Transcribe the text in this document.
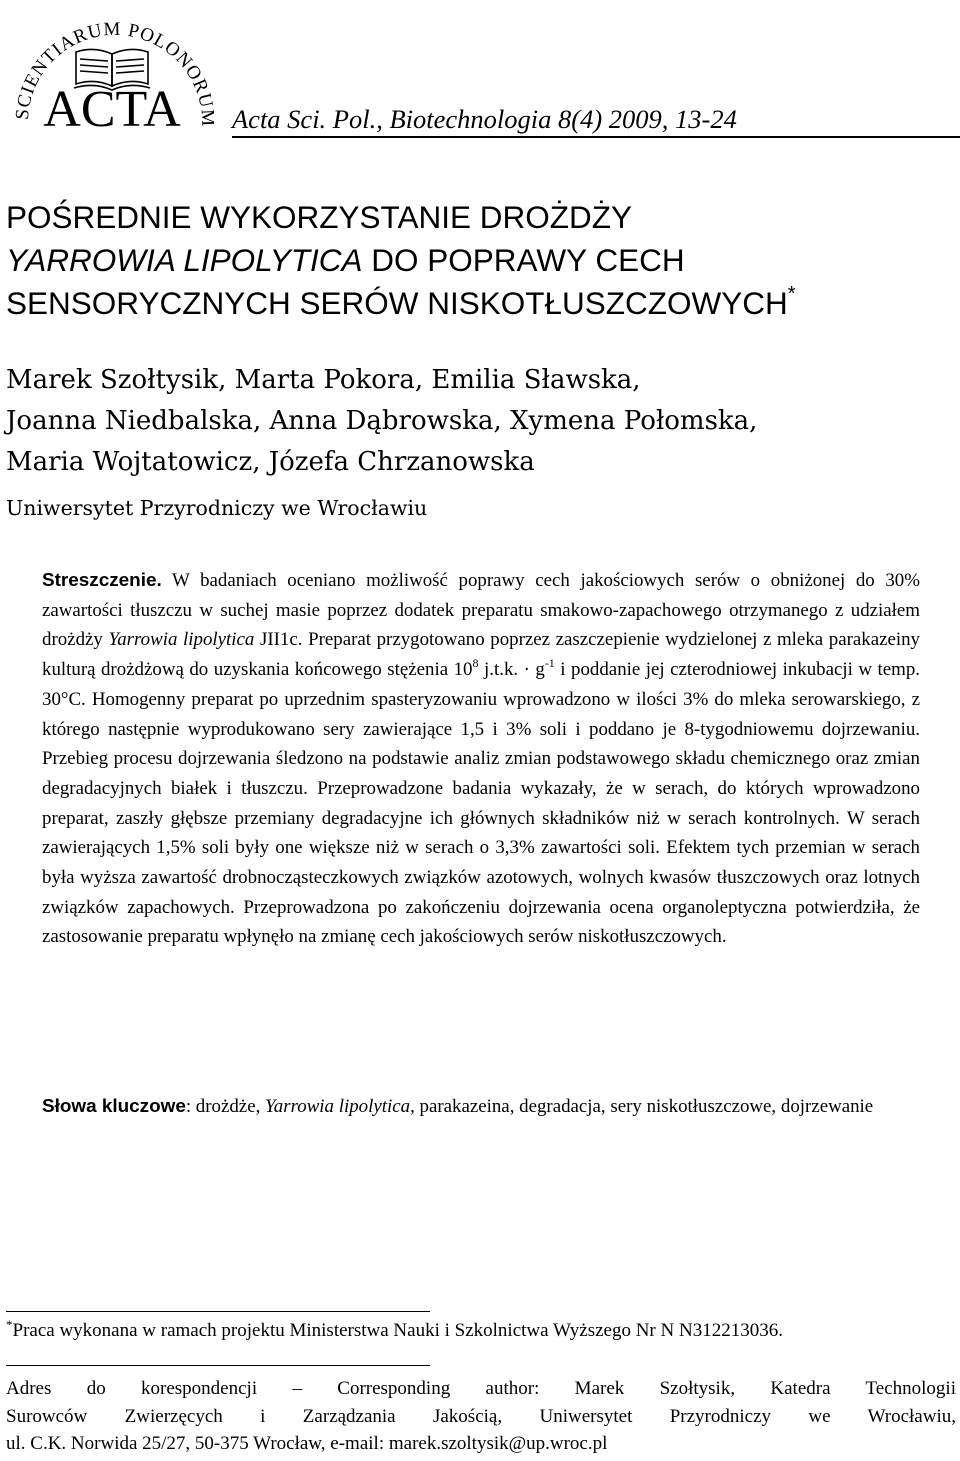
SCIENTIARUM POLONOR
ACTA Acta Sci. Pol., Biotechnologia 8(4) 2009, 13-24
POŚREDNIE WYKORZYSTANIE DROŻDŻY
YARROWIA LIPOLYTICA DO POPRAWY CECH
SENSORYCZNYCH SERÓW NISKOTŁUSZCZOWYCH*
Marek Szołtysik, Marta Pokora, Emilia Sławska,
Joanna Niedbalska, Anna Dąbrowska, Xymena Połomska,
Maria Wojtatowicz, Józefa Chrzanowska
Uniwersytet Przyrodniczy we Wrocławiu
Streszczenie. W badaniach oceniano możliwość poprawy cech jakościowych serów o obniżonej do 30% zawartości tłuszczu w suchej masie poprzez dodatek preparatu smakowo-zapachowego otrzymanego z udziałem drożdży Yarrowia lipolytica JII1c. Preparat przygotowano poprzez zaszczepienie wydzielonej z mleka parakazeiny kulturą drożdżową do uzyskania końcowego stężenia $10^8$ j.t.k. · $g^{-1}$ i poddanie jej czterodniowej inkubacji w temp. 30°C. Homogenny preparat po uprzednim spasteryzowaniu wprowadzono w ilości 3% do mleka serowarskiego, z którego następnie wyprodukowano sery zawierające 1,5 i 3% soli i poddano je 8-tygodniowemu dojrzewaniu. Przebieg procesu dojrzewania śledzono na podstawie analiz zmian podstawowego składu chemicznego oraz zmian degradacyjnych białek i tłuszczu. Przeprowadzone badania wykazały, że w serach, do których wprowadzono preparat, zaszły głębsze przemiany degradacyjne ich głównych składników niż w serach kontrolnych. W serach zawierających 1,5% soli były one większe niż w serach o 3,3% zawartości soli. Efektem tych przemian w serach była wyższa zawartość drobnocząsteczkowych związków azotowych, wolnych kwasów tłuszczowych oraz lotnych związków zapachowych. Przeprowadzona po zakończeniu dojrzewania ocena organoleptyczna potwierdziła, że zastosowanie preparatu wpłynęło na zmianę cech jakościowych serów niskotłuszczowych.
Słowa kluczowe: drożdże, Yarrowia lipolytica, parakazeina, degradacja, sery niskotłuszczowe, dojrzewanie
*Praca wykonana w ramach projektu Ministerstwa Nauki i Szkolnictwa Wyższego Nr N N312213036.
Adres do korespondencji – Corresponding author: Marek Szołtysik, Katedra Technologii
Surowców Zwierzęcych i Zarządzania Jakością, Uniwersytet Przyrodniczy we Wrocławiu,
ul. C.K. Norwida 25/27, 50-375 Wrocław, e-mail: marek.szoltysik@up.wroc.pl
